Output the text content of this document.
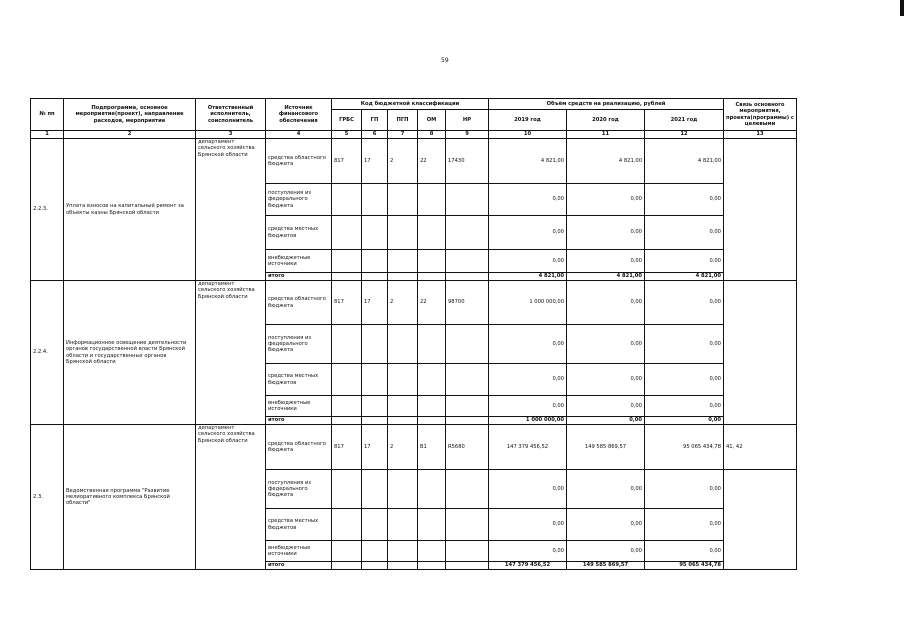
59
№ пп	Подпрограмма, основное мероприятие(проект), направление расходов, мероприятие	Ответственный исполнитель, соисполнитель	Источник финансового обеспечения	Код бюджетной классификации					Объём средств на реализацию, рублей			Связь основного мероприятия, проекта(программы) с целевыми
				ГРБС	ГП	ПГП	ОМ	НР	2019 год	2020 год	2021 год	
1	2	3	4	5	6	7	8	9	10	11	12	13
2.2.3.	Уплата взносов на капитальный ремонт за объекты казны Брянской области	департамент сельского хозяйства Брянской области	средства областного бюджета	817	17	2	22	17430	4 821,00	4 821,00	4 821,00	
			поступления из федерального бюджета						0,00	0,00	0,00	
			средства местных бюджетов						0,00	0,00	0,00	
			внебюджетные источники						0,00	0,00	0,00	
			итого						4 821,00	4 821,00	4 821,00	
2.2.4.	Информационное освещение деятельности органов государственной власти Брянской области и государственных органов Брянской области	департамент сельского хозяйства Брянской области	средства областного бюджета	817	17	2	22	98700	1 000 000,00	0,00	0,00	
			поступления из федерального бюджета						0,00	0,00	0,00	
			средства местных бюджетов						0,00	0,00	0,00	
			внебюджетные источники						0,00	0,00	0,00	
			итого						1 000 000,00	0,00	0,00	
2.3.	Ведомственная программа "Развитие мелиоративного комплекса Брянской области"	департамент сельского хозяйства Брянской области	средства областного бюджета	817	17	2	В1	R5680	147 379 456,52	149 585 869,57	95 065 434,78	41, 42
			поступления из федерального бюджета						0,00	0,00	0,00	
			средства местных бюджетов						0,00	0,00	0,00	
			внебюджетные источники						0,00	0,00	0,00	
			итого						147 379 456,52	149 585 869,57	95 065 434,78	
